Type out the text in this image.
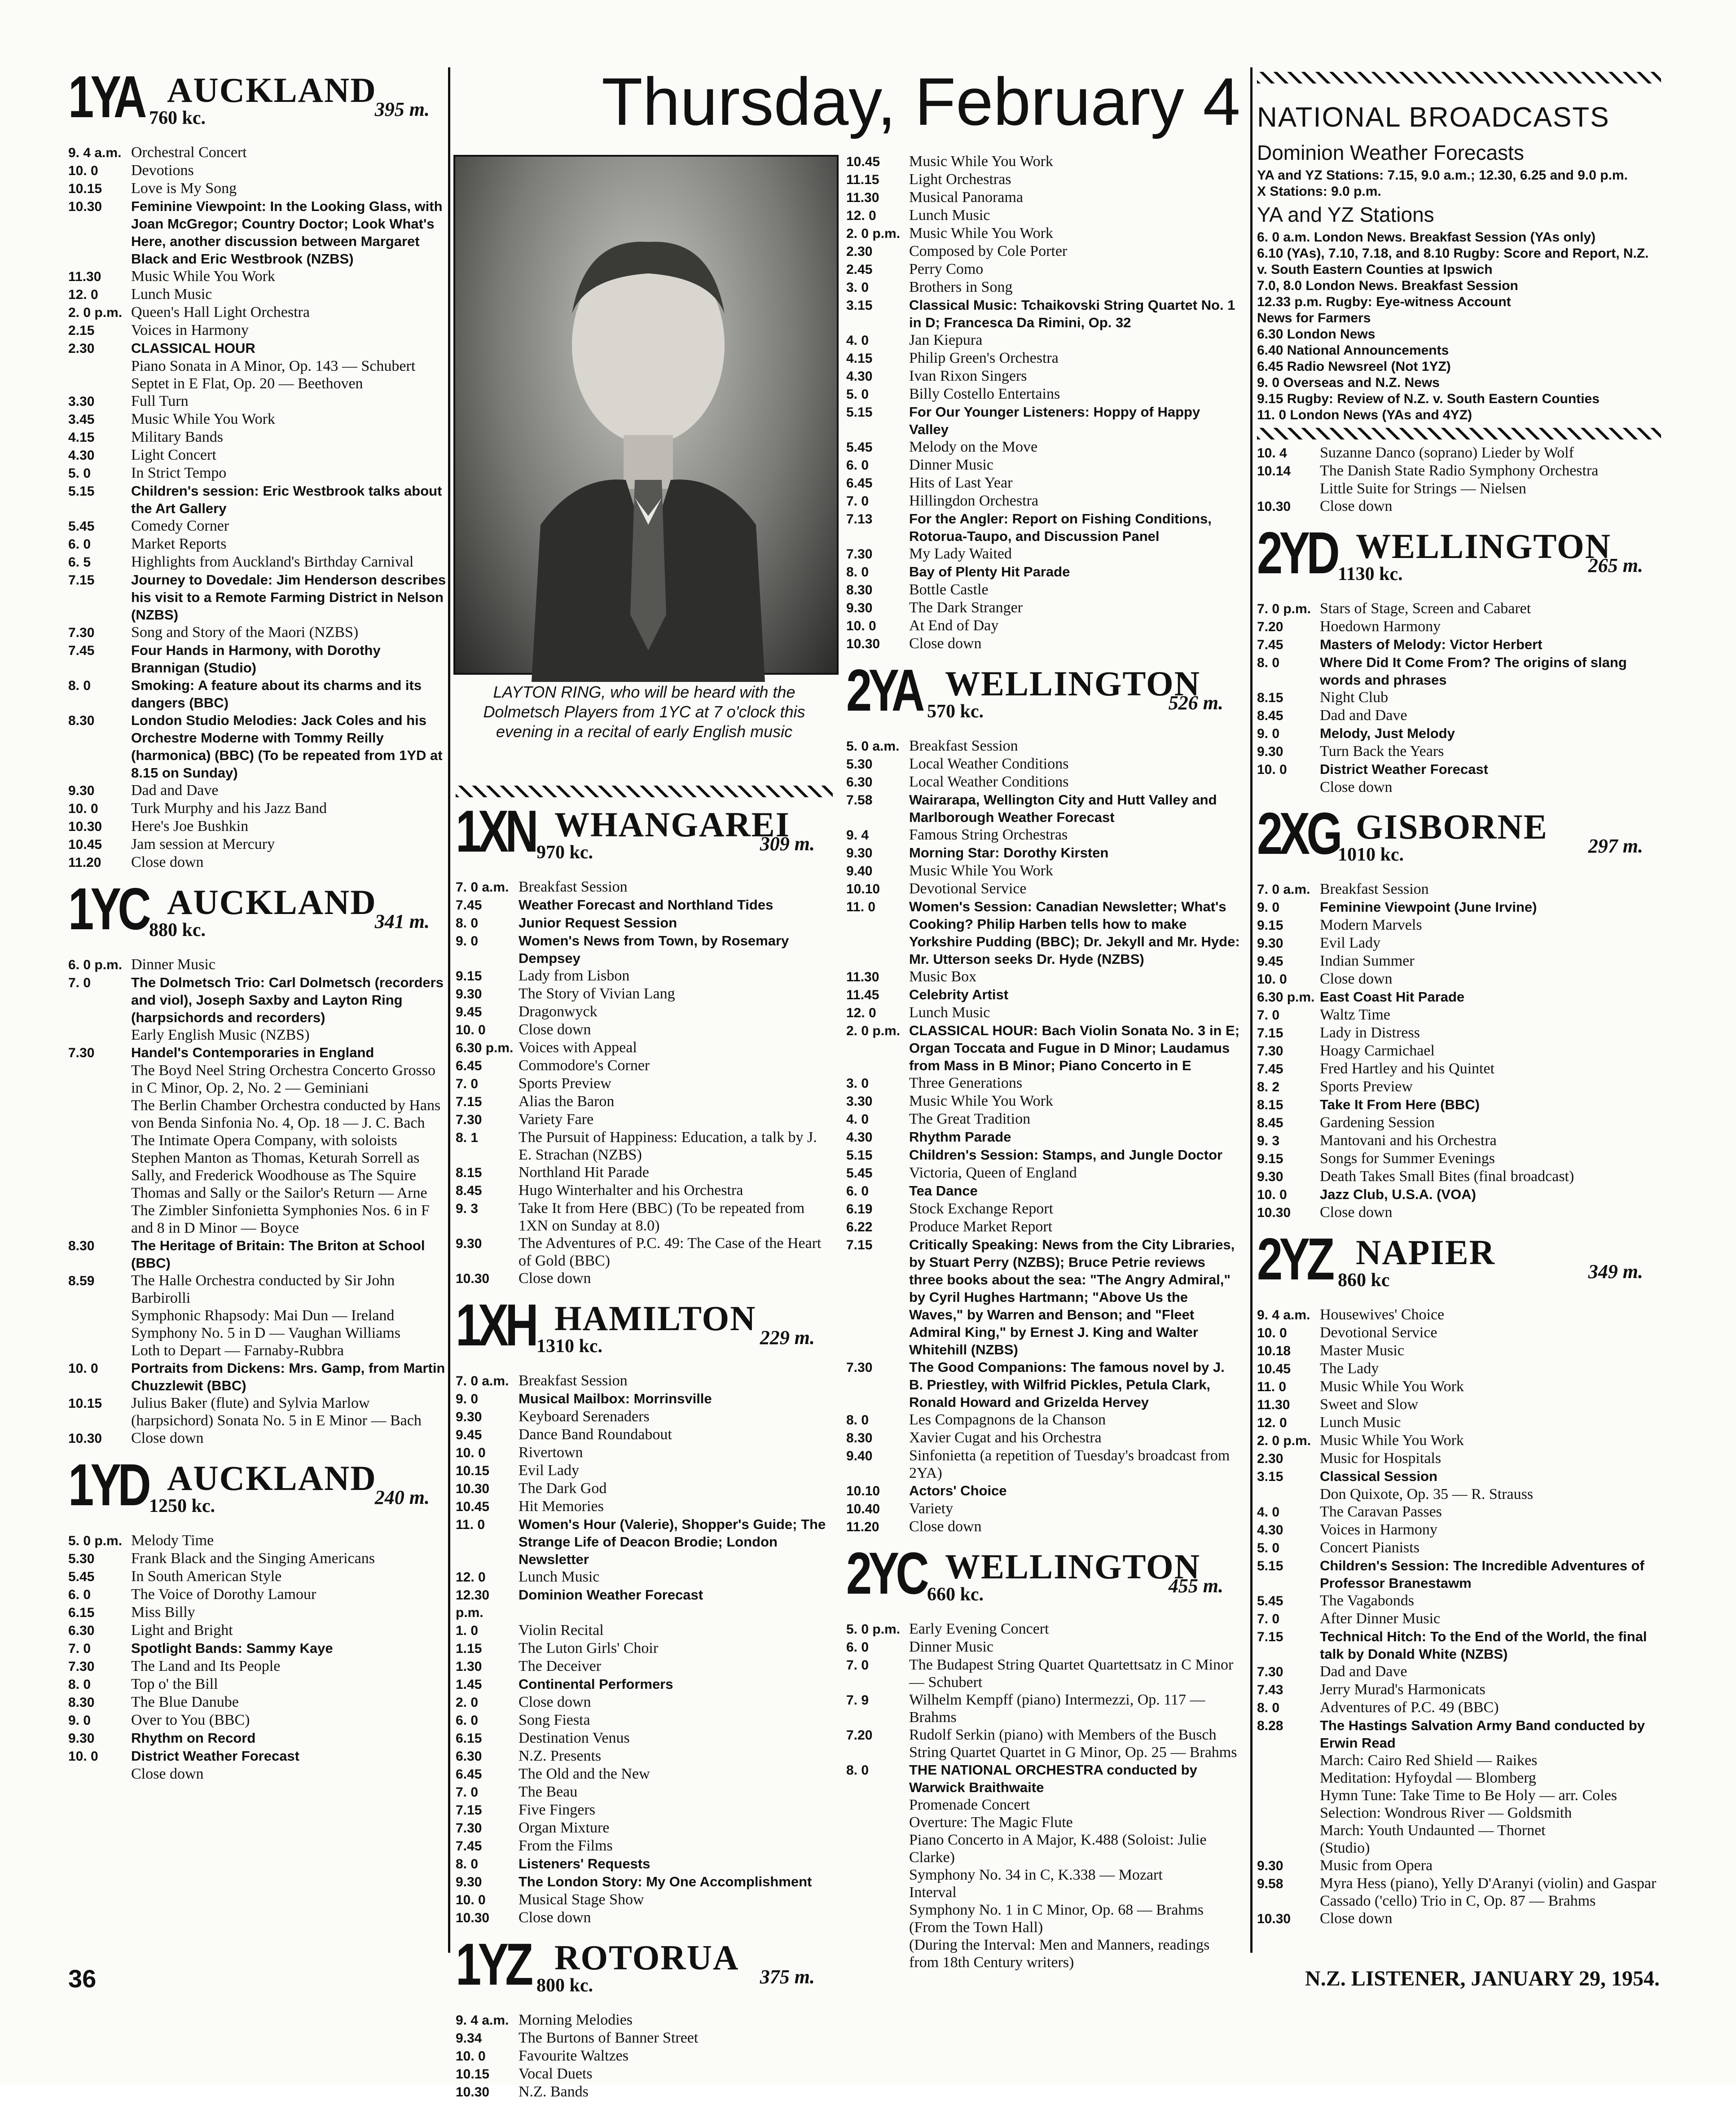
1YA AUCKLAND
760 kc.	395 m.
9. 4 a.m. Orchestral Concert
10. 0	Devotions
10.15	Love is My Song
10.30	Feminine Viewpoint: In the Looking Glass, with Joan McGregor; Country Doctor; Look What's Here, another discussion between Margaret Black and Eric Westbrook (NZBS)
11.30	Music While You Work
12. 0	Lunch Music
2. 0 p.m. Queen's Hall Light Orchestra
2.15	Voices in Harmony
2.30	CLASSICAL HOUR
Piano Sonata in A Minor, Op. 143 — Schubert
Septet in E Flat, Op. 20 — Beethoven
3.30	Full Turn
3.45	Music While You Work
4.15	Military Bands
4.30	Light Concert
5. 0	In Strict Tempo
5.15	Children's session: Eric Westbrook talks about the Art Gallery
5.45	Comedy Corner
6. 0	Market Reports
6. 5	Highlights from Auckland's Birthday Carnival
7.15	Journey to Dovedale: Jim Henderson describes his visit to a Remote Farming District in Nelson (NZBS)
7.30	Song and Story of the Maori (NZBS)
7.45	Four Hands in Harmony, with Dorothy Brannigan (Studio)
8. 0	Smoking: A feature about its charms and its dangers (BBC)
8.30	London Studio Melodies: Jack Coles and his Orchestre Moderne with Tommy Reilly (harmonica) (BBC) (To be repeated from 1YD at 8.15 on Sunday)
9.30	Dad and Dave
10. 0	Turk Murphy and his Jazz Band
10.30	Here's Joe Bushkin
10.45	Jam session at Mercury
11.20	Close down
1YC AUCKLAND
880 kc.	341 m.
6. 0 p.m. Dinner Music
7. 0	The Dolmetsch Trio: Carl Dolmetsch (recorders and viol), Joseph Saxby and Layton Ring (harpsichords and recorders)
Early English Music (NZBS)
7.30	Handel's Contemporaries in England
The Boyd Neel String Orchestra Concerto Grosso in C Minor, Op. 2, No. 2 — Geminiani
The Berlin Chamber Orchestra conducted by Hans von Benda Sinfonia No. 4, Op. 18 — J. C. Bach
The Intimate Opera Company, with soloists Stephen Manton as Thomas, Keturah Sorrell as Sally, and Frederick Woodhouse as The Squire
Thomas and Sally or the Sailor's Return — Arne
The Zimbler Sinfonietta Symphonies Nos. 6 in F and 8 in D Minor — Boyce
8.30	The Heritage of Britain: The Briton at School (BBC)
8.59	The Halle Orchestra conducted by Sir John Barbirolli
Symphonic Rhapsody: Mai Dun — Ireland
Symphony No. 5 in D — Vaughan Williams
Loth to Depart — Farnaby-Rubbra
10. 0	Portraits from Dickens: Mrs. Gamp, from Martin Chuzzlewit (BBC)
10.15	Julius Baker (flute) and Sylvia Marlow (harpsichord) Sonata No. 5 in E Minor — Bach
10.30	Close down
1YD AUCKLAND
1250 kc.	240 m.
5. 0 p.m. Melody Time
5.30	Frank Black and the Singing Americans
5.45	In South American Style
6. 0	The Voice of Dorothy Lamour
6.15	Miss Billy
6.30	Light and Bright
7. 0	Spotlight Bands: Sammy Kaye
7.30	The Land and Its People
8. 0	Top o' the Bill
8.30	The Blue Danube
9. 0	Over to You (BBC)
9.30	Rhythm on Record
10. 0	District Weather Forecast
Close down
Thursday, February 4
LAYTON RING, who will be heard with the Dolmetsch Players from 1YC at 7 o'clock this evening in a recital of early English music
1XN WHANGAREI
970 kc.	309 m.
7. 0 a.m. Breakfast Session
7.45	Weather Forecast and Northland Tides
8. 0	Junior Request Session
9. 0	Women's News from Town, by Rosemary Dempsey
9.15	Lady from Lisbon
9.30	The Story of Vivian Lang
9.45	Dragonwyck
10. 0	Close down
6.30 p.m. Voices with Appeal
6.45	Commodore's Corner
7. 0	Sports Preview
7.15	Alias the Baron
7.30	Variety Fare
8. 1	The Pursuit of Happiness: Education, a talk by J. E. Strachan (NZBS)
8.15	Northland Hit Parade
8.45	Hugo Winterhalter and his Orchestra
9. 3	Take It from Here (BBC) (To be repeated from 1XN on Sunday at 8.0)
9.30	The Adventures of P.C. 49: The Case of the Heart of Gold (BBC)
10.30	Close down
1XH HAMILTON
1310 kc.	229 m.
7. 0 a.m. Breakfast Session
9. 0	Musical Mailbox: Morrinsville
9.30	Keyboard Serenaders
9.45	Dance Band Roundabout
10. 0	Rivertown
10.15	Evil Lady
10.30	The Dark God
10.45	Hit Memories
11. 0	Women's Hour (Valerie), Shopper's Guide; The Strange Life of Deacon Brodie; London Newsletter
12. 0	Lunch Music
12.30 p.m.
Dominion Weather Forecast
1. 0	Violin Recital
1.15	The Luton Girls' Choir
1.30	The Deceiver
1.45	Continental Performers
2. 0	Close down
6. 0	Song Fiesta
6.15	Destination Venus
6.30	N.Z. Presents
6.45	The Old and the New
7. 0	The Beau
7.15	Five Fingers
7.30	Organ Mixture
7.45	From the Films
8. 0	Listeners' Requests
9.30	The London Story: My One Accomplishment
10. 0	Musical Stage Show
10.30	Close down
1YZ ROTORUA
800 kc.	375 m.
9. 4 a.m. Morning Melodies
9.34	The Burtons of Banner Street
10. 0	Favourite Waltzes
10.15	Vocal Duets
10.30	N.Z. Bands
10.45	Music While You Work
11.15	Light Orchestras
11.30	Musical Panorama
12. 0	Lunch Music
2. 0 p.m. Music While You Work
2.30	Composed by Cole Porter
2.45	Perry Como
3. 0	Brothers in Song
3.15	Classical Music: Tchaikovski String Quartet No. 1 in D; Francesca Da Rimini, Op. 32
4. 0	Jan Kiepura
4.15	Philip Green's Orchestra
4.30	Ivan Rixon Singers
5. 0	Billy Costello Entertains
5.15	For Our Younger Listeners: Hoppy of Happy Valley
5.45	Melody on the Move
6. 0	Dinner Music
6.45	Hits of Last Year
7. 0	Hillingdon Orchestra
7.13	For the Angler: Report on Fishing Conditions, Rotorua-Taupo, and Discussion Panel
7.30	My Lady Waited
8. 0	Bay of Plenty Hit Parade
8.30	Bottle Castle
9.30	The Dark Stranger
10. 0	At End of Day
10.30	Close down
2YA WELLINGTON
570 kc.	526 m.
5. 0 a.m. Breakfast Session
5.30	Local Weather Conditions
6.30	Local Weather Conditions
7.58	Wairarapa, Wellington City and Hutt Valley and Marlborough Weather Forecast
9. 4	Famous String Orchestras
9.30	Morning Star: Dorothy Kirsten
9.40	Music While You Work
10.10	Devotional Service
11. 0	Women's Session: Canadian Newsletter; What's Cooking? Philip Harben tells how to make Yorkshire Pudding (BBC); Dr. Jekyll and Mr. Hyde: Mr. Utterson seeks Dr. Hyde (NZBS)
11.30	Music Box
11.45	Celebrity Artist
12. 0	Lunch Music
2. 0 p.m. CLASSICAL HOUR: Bach Violin Sonata No. 3 in E; Organ Toccata and Fugue in D Minor; Laudamus from Mass in B Minor; Piano Concerto in E
3. 0	Three Generations
3.30	Music While You Work
4. 0	The Great Tradition
4.30	Rhythm Parade
5.15	Children's Session: Stamps, and Jungle Doctor
5.45	Victoria, Queen of England
6. 0	Tea Dance
6.19	Stock Exchange Report
6.22	Produce Market Report
7.15	Critically Speaking: News from the City Libraries, by Stuart Perry (NZBS); Bruce Petrie reviews three books about the sea: "The Angry Admiral," by Cyril Hughes Hartmann; "Above Us the Waves," by Warren and Benson; and "Fleet Admiral King," by Ernest J. King and Walter Whitehill (NZBS)
7.30	The Good Companions: The famous novel by J. B. Priestley, with Wilfrid Pickles, Petula Clark, Ronald Howard and Grizelda Hervey
8. 0	Les Compagnons de la Chanson
8.30	Xavier Cugat and his Orchestra
9.40	Sinfonietta (a repetition of Tuesday's broadcast from 2YA)
10.10	Actors' Choice
10.40	Variety
11.20	Close down
2YC WELLINGTON
660 kc.	455 m.
5. 0 p.m. Early Evening Concert
6. 0	Dinner Music
7. 0	The Budapest String Quartet Quartettsatz in C Minor — Schubert
7. 9	Wilhelm Kempff (piano) Intermezzi, Op. 117 — Brahms
7.20	Rudolf Serkin (piano) with Members of the Busch String Quartet Quartet in G Minor, Op. 25 — Brahms
8. 0	THE NATIONAL ORCHESTRA conducted by Warwick Braithwaite
Promenade Concert
Overture: The Magic Flute
Piano Concerto in A Major, K.488 (Soloist: Julie Clarke)
Symphony No. 34 in C, K.338 — Mozart
Interval
Symphony No. 1 in C Minor, Op. 68 — Brahms
(From the Town Hall)
(During the Interval: Men and Manners, readings from 18th Century writers)
NATIONAL BROADCASTS
Dominion Weather Forecasts
YA and YZ Stations: 7.15, 9.0 a.m.; 12.30, 6.25 and 9.0 p.m.
X Stations: 9.0 p.m.
YA and YZ Stations
6. 0 a.m. London News. Breakfast Session (YAs only)
6.10 (YAs), 7.10, 7.18, and 8.10 Rugby: Score and Report, N.Z. v. South Eastern Counties at Ipswich
7.0, 8.0 London News. Breakfast Session
12.33 p.m. Rugby: Eye-witness Account
News for Farmers
6.30 London News
6.40 National Announcements
6.45 Radio Newsreel (Not 1YZ)
9. 0 Overseas and N.Z. News
9.15 Rugby: Review of N.Z. v. South Eastern Counties
11. 0 London News (YAs and 4YZ)
10. 4	Suzanne Danco (soprano) Lieder by Wolf
10.14	The Danish State Radio Symphony Orchestra
Little Suite for Strings — Nielsen
10.30	Close down
2YD WELLINGTON
1130 kc.	265 m.
7. 0 p.m. Stars of Stage, Screen and Cabaret
7.20	Hoedown Harmony
7.45	Masters of Melody: Victor Herbert
8. 0	Where Did It Come From? The origins of slang words and phrases
8.15	Night Club
8.45	Dad and Dave
9. 0	Melody, Just Melody
9.30	Turn Back the Years
10. 0	District Weather Forecast
Close down
2XG GISBORNE
1010 kc.	297 m.
7. 0 a.m. Breakfast Session
9. 0	Feminine Viewpoint (June Irvine)
9.15	Modern Marvels
9.30	Evil Lady
9.45	Indian Summer
10. 0	Close down
6.30 p.m. East Coast Hit Parade
7. 0	Waltz Time
7.15	Lady in Distress
7.30	Hoagy Carmichael
7.45	Fred Hartley and his Quintet
8. 2	Sports Preview
8.15	Take It From Here (BBC)
8.45	Gardening Session
9. 3	Mantovani and his Orchestra
9.15	Songs for Summer Evenings
9.30	Death Takes Small Bites (final broadcast)
10. 0	Jazz Club, U.S.A. (VOA)
10.30	Close down
2YZ NAPIER
860 kc	349 m.
9. 4 a.m. Housewives' Choice
10. 0	Devotional Service
10.18	Master Music
10.45	The Lady
11. 0	Music While You Work
11.30	Sweet and Slow
12. 0	Lunch Music
2. 0 p.m. Music While You Work
2.30	Music for Hospitals
3.15	Classical Session
Don Quixote, Op. 35 — R. Strauss
4. 0	The Caravan Passes
4.30	Voices in Harmony
5. 0	Concert Pianists
5.15	Children's Session: The Incredible Adventures of Professor Branestawm
5.45	The Vagabonds
7. 0	After Dinner Music
7.15	Technical Hitch: To the End of the World, the final talk by Donald White (NZBS)
7.30	Dad and Dave
7.43	Jerry Murad's Harmonicats
8. 0	Adventures of P.C. 49 (BBC)
8.28	The Hastings Salvation Army Band conducted by Erwin Read
March: Cairo Red Shield — Raikes
Meditation: Hyfoydal — Blomberg
Hymn Tune: Take Time to Be Holy — arr. Coles
Selection: Wondrous River — Goldsmith
March: Youth Undaunted — Thornet
(Studio)
9.30	Music from Opera
9.58	Myra Hess (piano), Yelly D'Aranyi (violin) and Gaspar Cassado ('cello) Trio in C, Op. 87 — Brahms
10.30	Close down
36	N.Z. LISTENER, JANUARY 29, 1954.
